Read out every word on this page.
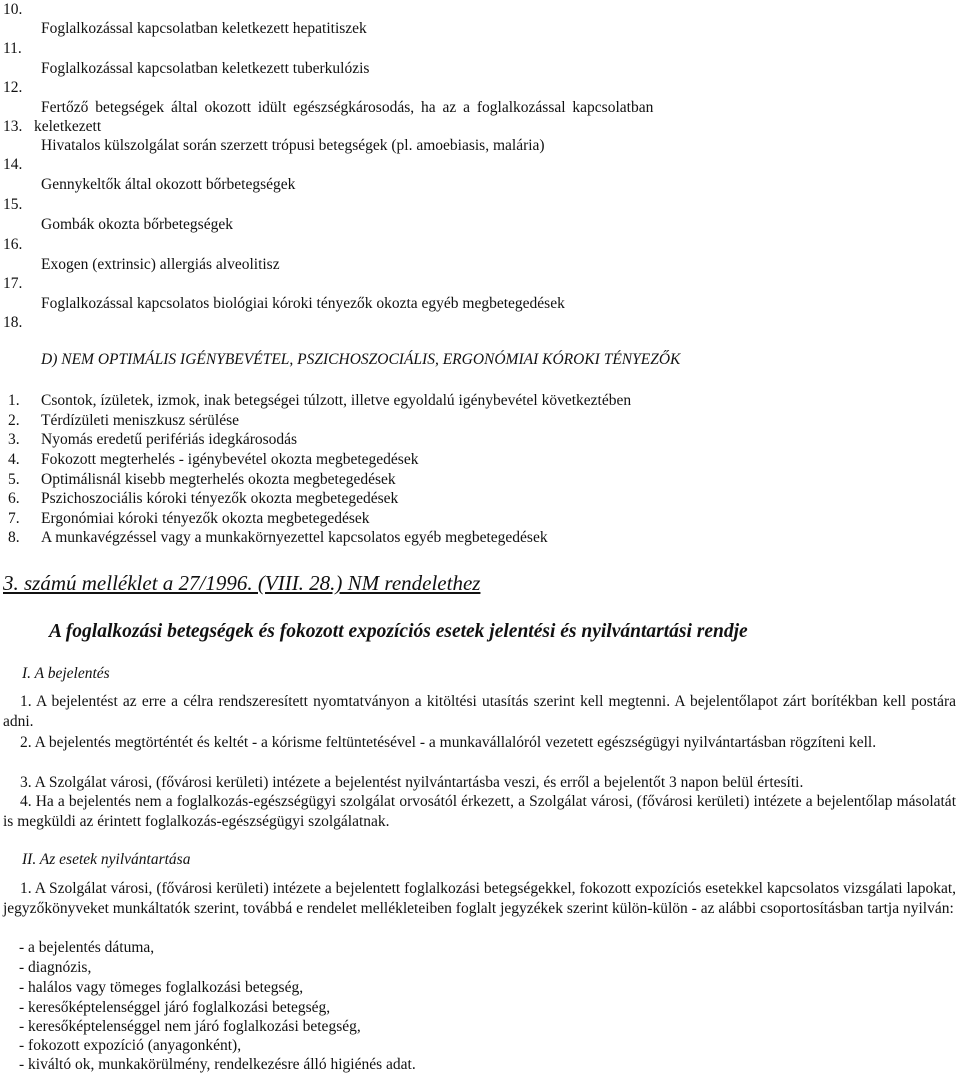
10.
11.
12.
13.
14.
15.
16.
17.
18.
Foglalkozással kapcsolatban keletkezett hepatitiszek
Foglalkozással kapcsolatban keletkezett tuberkulózis
Fertőző betegségek által okozott idült egészségkárosodás, ha az a foglalkozással kapcsolatban
keletkezett
Hivatalos külszolgálat során szerzett trópusi betegségek (pl. amoebiasis, malária)
Gennykeltők által okozott bőrbetegségek
Gombák okozta bőrbetegségek
Exogen (extrinsic) allergiás alveolitisz
Foglalkozással kapcsolatos biológiai kóroki tényezők okozta egyéb megbetegedések
D) NEM OPTIMÁLIS IGÉNYBEVÉTEL, PSZICHOSZOCIÁLIS, ERGONÓMIAI KÓROKI TÉNYEZŐK
1. Csontok, ízületek, izmok, inak betegségei túlzott, illetve egyoldalú igénybevétel következtében
2. Térdízületi meniszkusz sérülése
3. Nyomás eredetű perifériás idegkárosodás
4. Fokozott megterhelés - igénybevétel okozta megbetegedések
5. Optimálisnál kisebb megterhelés okozta megbetegedések
6. Pszichoszociális kóroki tényezők okozta megbetegedések
7. Ergonómiai kóroki tényezők okozta megbetegedések
8. A munkavégzéssel vagy a munkakörnyezettel kapcsolatos egyéb megbetegedések
3. számú melléklet a 27/1996. (VIII. 28.) NM rendelethez
A foglalkozási betegségek és fokozott expozíciós esetek jelentési és nyilvántartási rendje
I. A bejelentés
1. A bejelentést az erre a célra rendszeresített nyomtatványon a kitöltési utasítás szerint kell megtenni. A bejelentőlapot zárt borítékban kell postára adni.
2. A bejelentés megtörténtét és keltét - a kórisme feltüntetésével - a munkavállalóról vezetett egészségügyi nyilvántartásban rögzíteni kell.
3. A Szolgálat városi, (fővárosi kerületi) intézete a bejelentést nyilvántartásba veszi, és erről a bejelentőt 3 napon belül értesíti.
4. Ha a bejelentés nem a foglalkozás-egészségügyi szolgálat orvosától érkezett, a Szolgálat városi, (fővárosi kerületi) intézete a bejelentőlap másolatát is megküldi az érintett foglalkozás-egészségügyi szolgálatnak.
II. Az esetek nyilvántartása
1. A Szolgálat városi, (fővárosi kerületi) intézete a bejelentett foglalkozási betegségekkel, fokozott expozíciós esetekkel kapcsolatos vizsgálati lapokat, jegyzőkönyveket munkáltatók szerint, továbbá e rendelet mellékleteiben foglalt jegyzékek szerint külön-külön - az alábbi csoportosításban tartja nyilván:
- a bejelentés dátuma,
- diagnózis,
- halálos vagy tömeges foglalkozási betegség,
- keresőképtelenséggel járó foglalkozási betegség,
- keresőképtelenséggel nem járó foglalkozási betegség,
- fokozott expozíció (anyagonként),
- kiváltó ok, munkakörülmény, rendelkezésre álló higiénés adat.
